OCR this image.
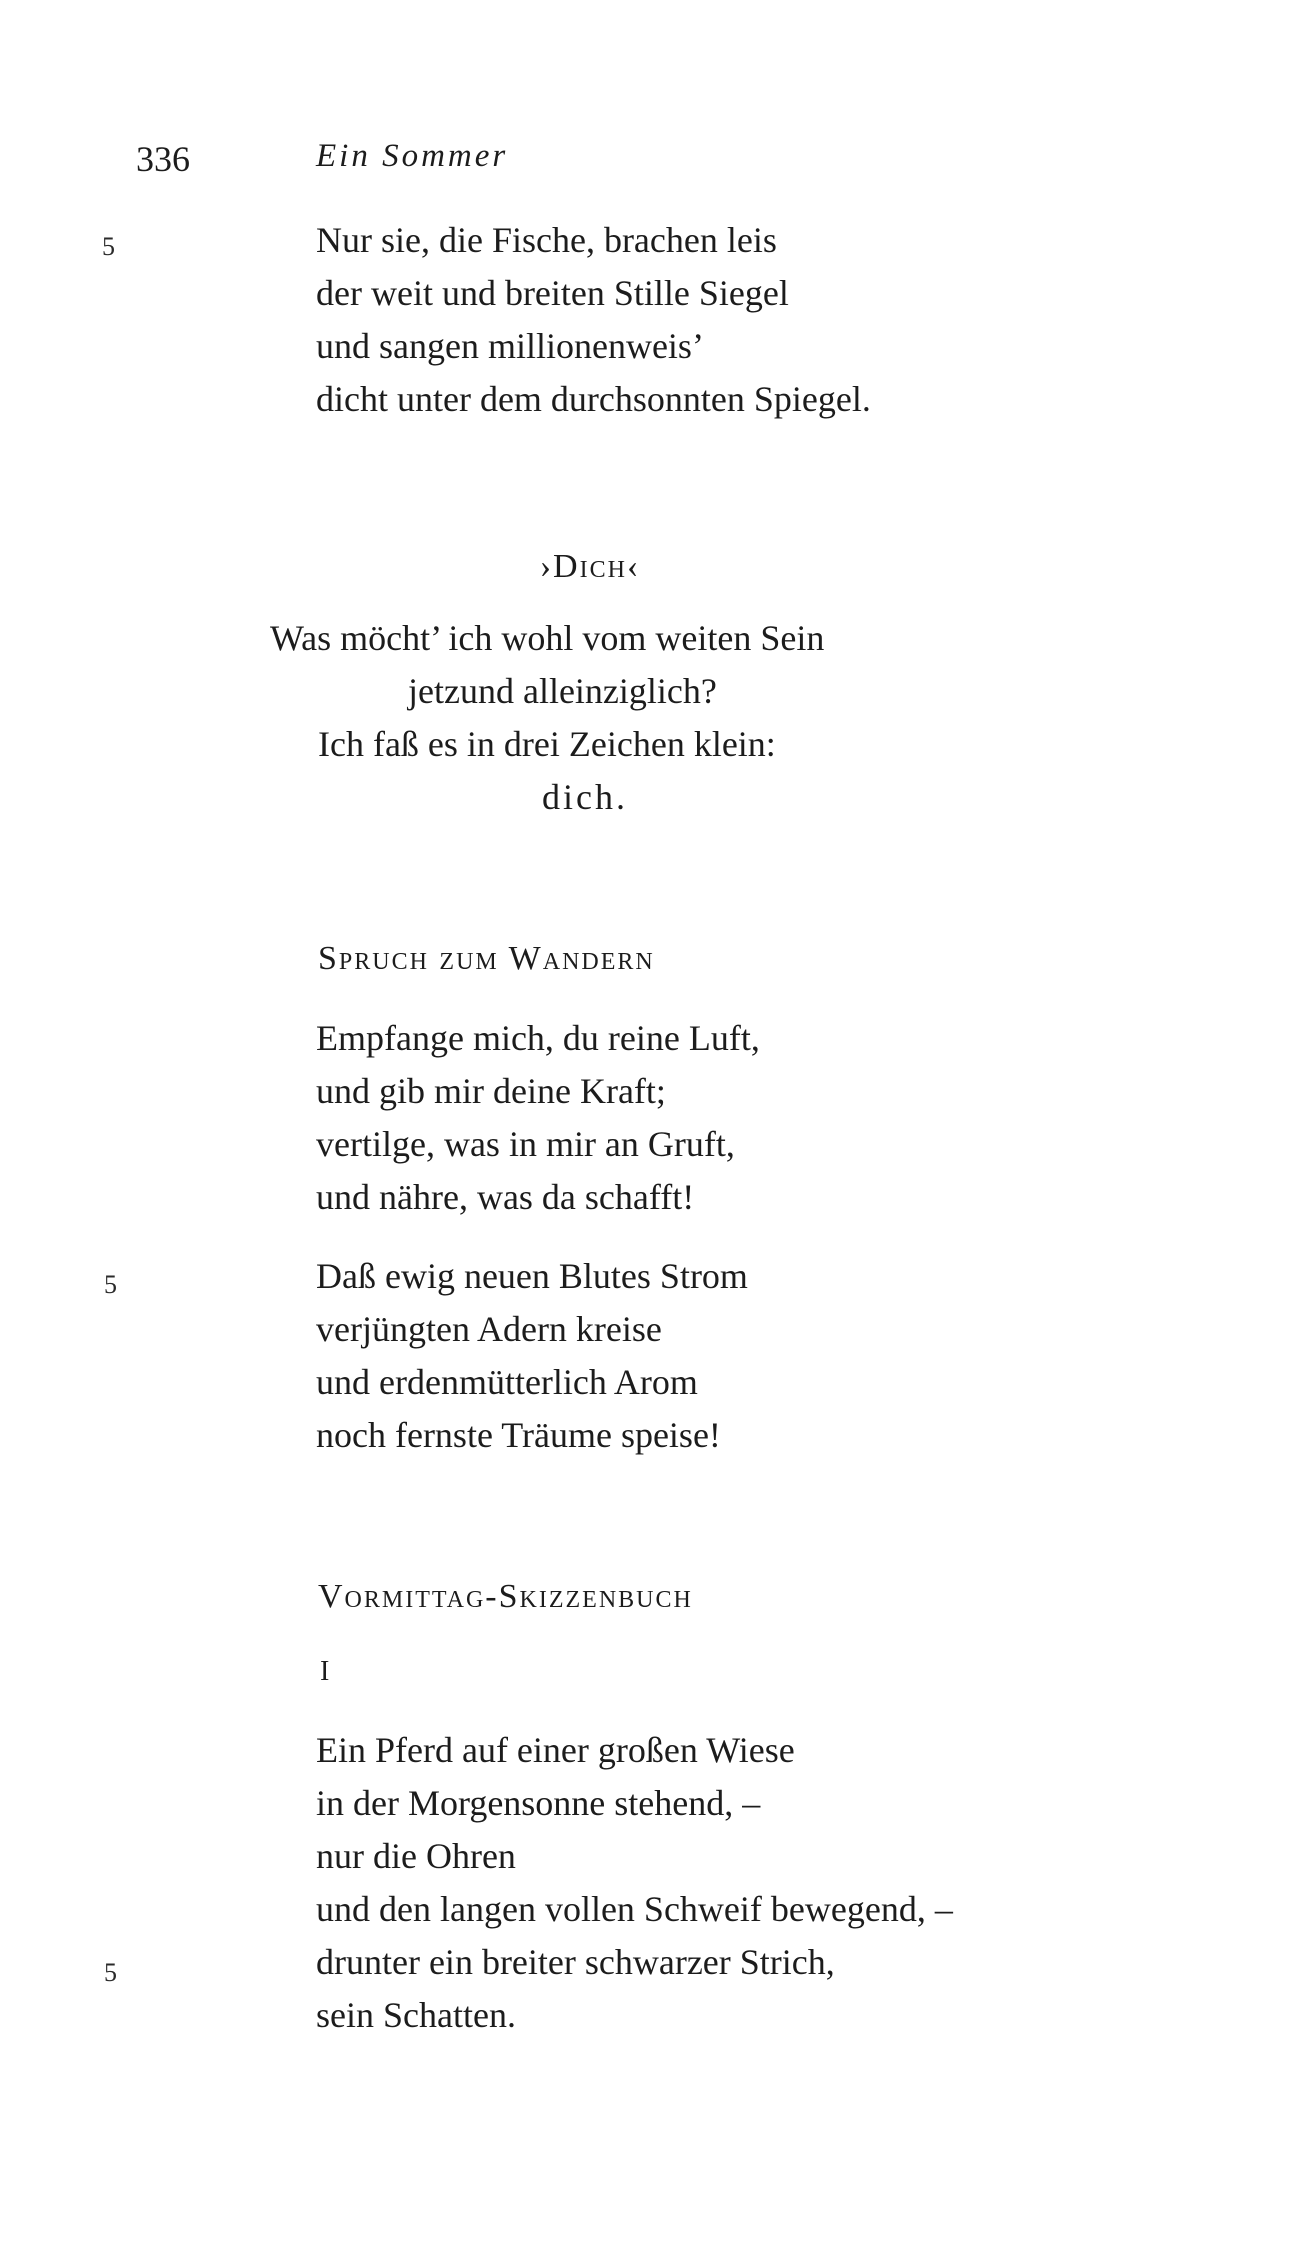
336	Ein Sommer
5	Nur sie, die Fische, brachen leis
der weit und breiten Stille Siegel
und sangen millionenweis’
dicht unter dem durchsonnten Spiegel.
›Dich‹
Was möcht’ ich wohl vom weiten Sein
jetzund alleinziglich?
Ich faß es in drei Zeichen klein:
dich.
Spruch zum Wandern
Empfange mich, du reine Luft,
und gib mir deine Kraft;
vertilge, was in mir an Gruft,
und nähre, was da schafft!
5	Daß ewig neuen Blutes Strom
verjüngten Adern kreise
und erdenmütterlich Arom
noch fernste Träume speise!
Vormittag-Skizzenbuch
I
Ein Pferd auf einer großen Wiese
in der Morgensonne stehend, –
nur die Ohren
und den langen vollen Schweif bewegend, –
5	drunter ein breiter schwarzer Strich,
sein Schatten.
